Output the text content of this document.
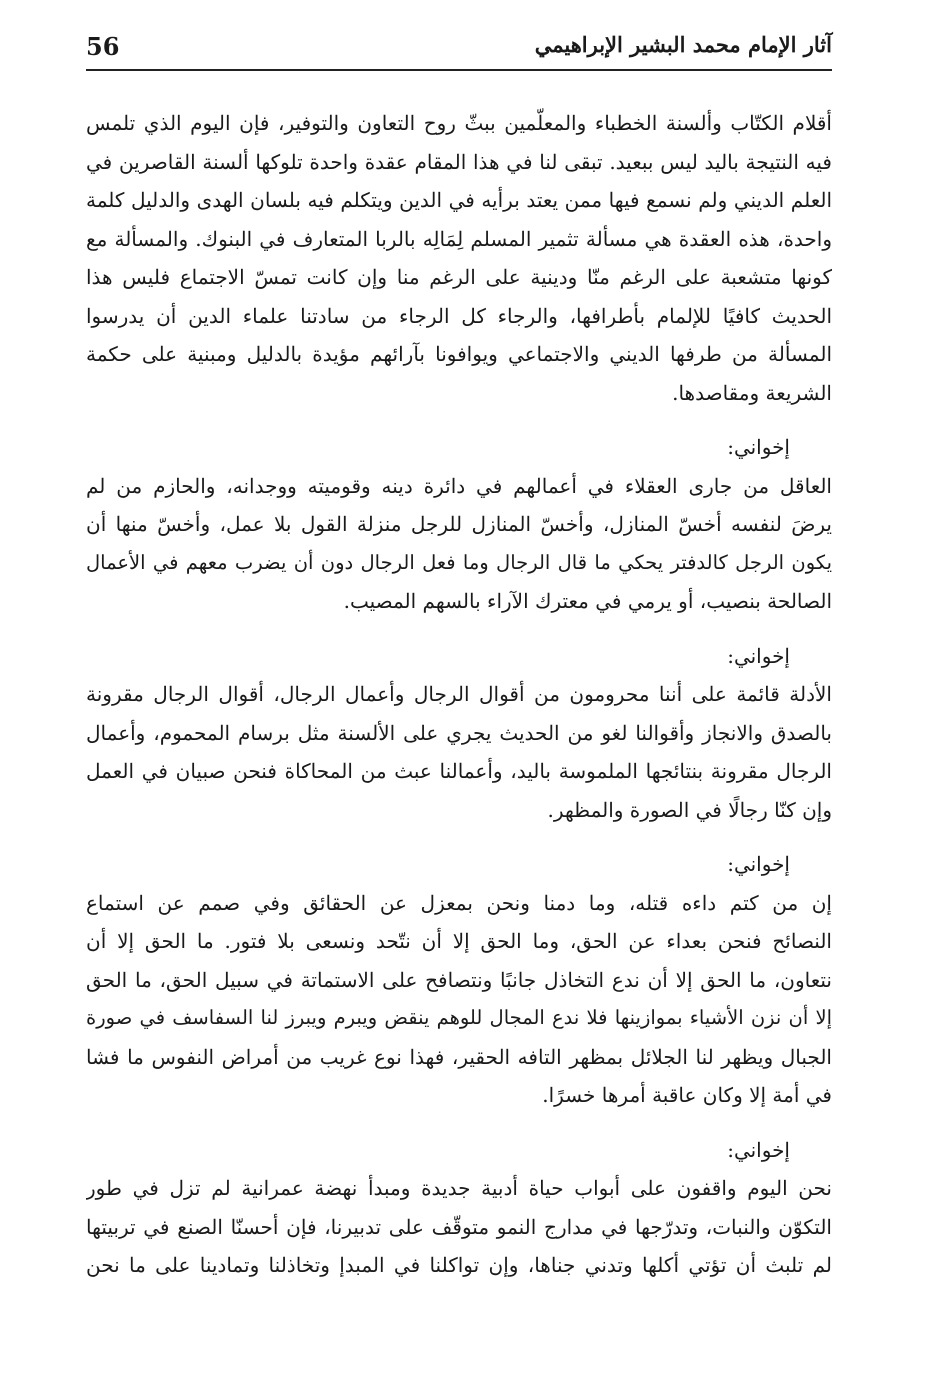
56	آثار الإمام محمد البشير الإبراهيمي
أقلام الكتّاب وألسنة الخطباء والمعلّمين ببثّ روح التعاون والتوفير، فإن اليوم الذي تلمس
فيه النتيجة باليد ليس ببعيد. تبقى لنا في هذا المقام عقدة واحدة تلوكها ألسنة القاصرين في
العلم الديني ولم نسمع فيها ممن يعتد برأيه في الدين ويتكلم فيه بلسان الهدى والدليل كلمة
واحدة، هذه العقدة هي مسألة تثمير المسلم لِمَالِه بالربا المتعارف في البنوك. والمسألة مع
كونها متشعبة على الرغم منّا ودينية على الرغم منا وإن كانت تمسّ الاجتماع فليس هذا
الحديث كافيًا للإلمام بأطرافها، والرجاء كل الرجاء من سادتنا علماء الدين أن يدرسوا
المسألة من طرفها الديني والاجتماعي ويوافونا بآرائهم مؤيدة بالدليل ومبنية على حكمة
الشريعة ومقاصدها.
إخواني:
العاقل من جارى العقلاء في أعمالهم في دائرة دينه وقوميته ووجدانه، والحازم من لم
يرضَ لنفسه أخسّ المنازل، وأخسّ المنازل للرجل منزلة القول بلا عمل، وأخسّ منها أن
يكون الرجل كالدفتر يحكي ما قال الرجال وما فعل الرجال دون أن يضرب معهم في الأعمال
الصالحة بنصيب، أو يرمي في معترك الآراء بالسهم المصيب.
إخواني:
الأدلة قائمة على أننا محرومون من أقوال الرجال وأعمال الرجال، أقوال الرجال مقرونة
بالصدق والانجاز وأقوالنا لغو من الحديث يجري على الألسنة مثل برسام المحموم، وأعمال
الرجال مقرونة بنتائجها الملموسة باليد، وأعمالنا عبث من المحاكاة فنحن صبيان في العمل
وإن كنّا رجالًا في الصورة والمظهر.
إخواني:
إن من كتم داءه قتله، وما دمنا ونحن بمعزل عن الحقائق وفي صمم عن استماع
النصائح فنحن بعداء عن الحق، وما الحق إلا أن نتّحد ونسعى بلا فتور. ما الحق إلا أن
نتعاون، ما الحق إلا أن ندع التخاذل جانبًا ونتصافح على الاستماتة في سبيل الحق، ما الحق
إلا أن نزن الأشياء بموازينها فلا ندع المجال للوهم ينقض ويبرم ويبرز لنا السفاسف في صورة
الجبال ويظهر لنا الجلائل بمظهر التافه الحقير، فهذا نوع غريب من أمراض النفوس ما فشا
في أمة إلا وكان عاقبة أمرها خسرًا.
إخواني:
نحن اليوم واقفون على أبواب حياة أدبية جديدة ومبدأ نهضة عمرانية لم تزل في طور
التكوّن والنبات، وتدرّجها في مدارج النمو متوقّف على تدبيرنا، فإن أحسنّا الصنع في تربيتها
لم تلبث أن تؤتي أكلها وتدني جناها، وإن تواكلنا في المبدإ وتخاذلنا وتمادينا على ما نحن
